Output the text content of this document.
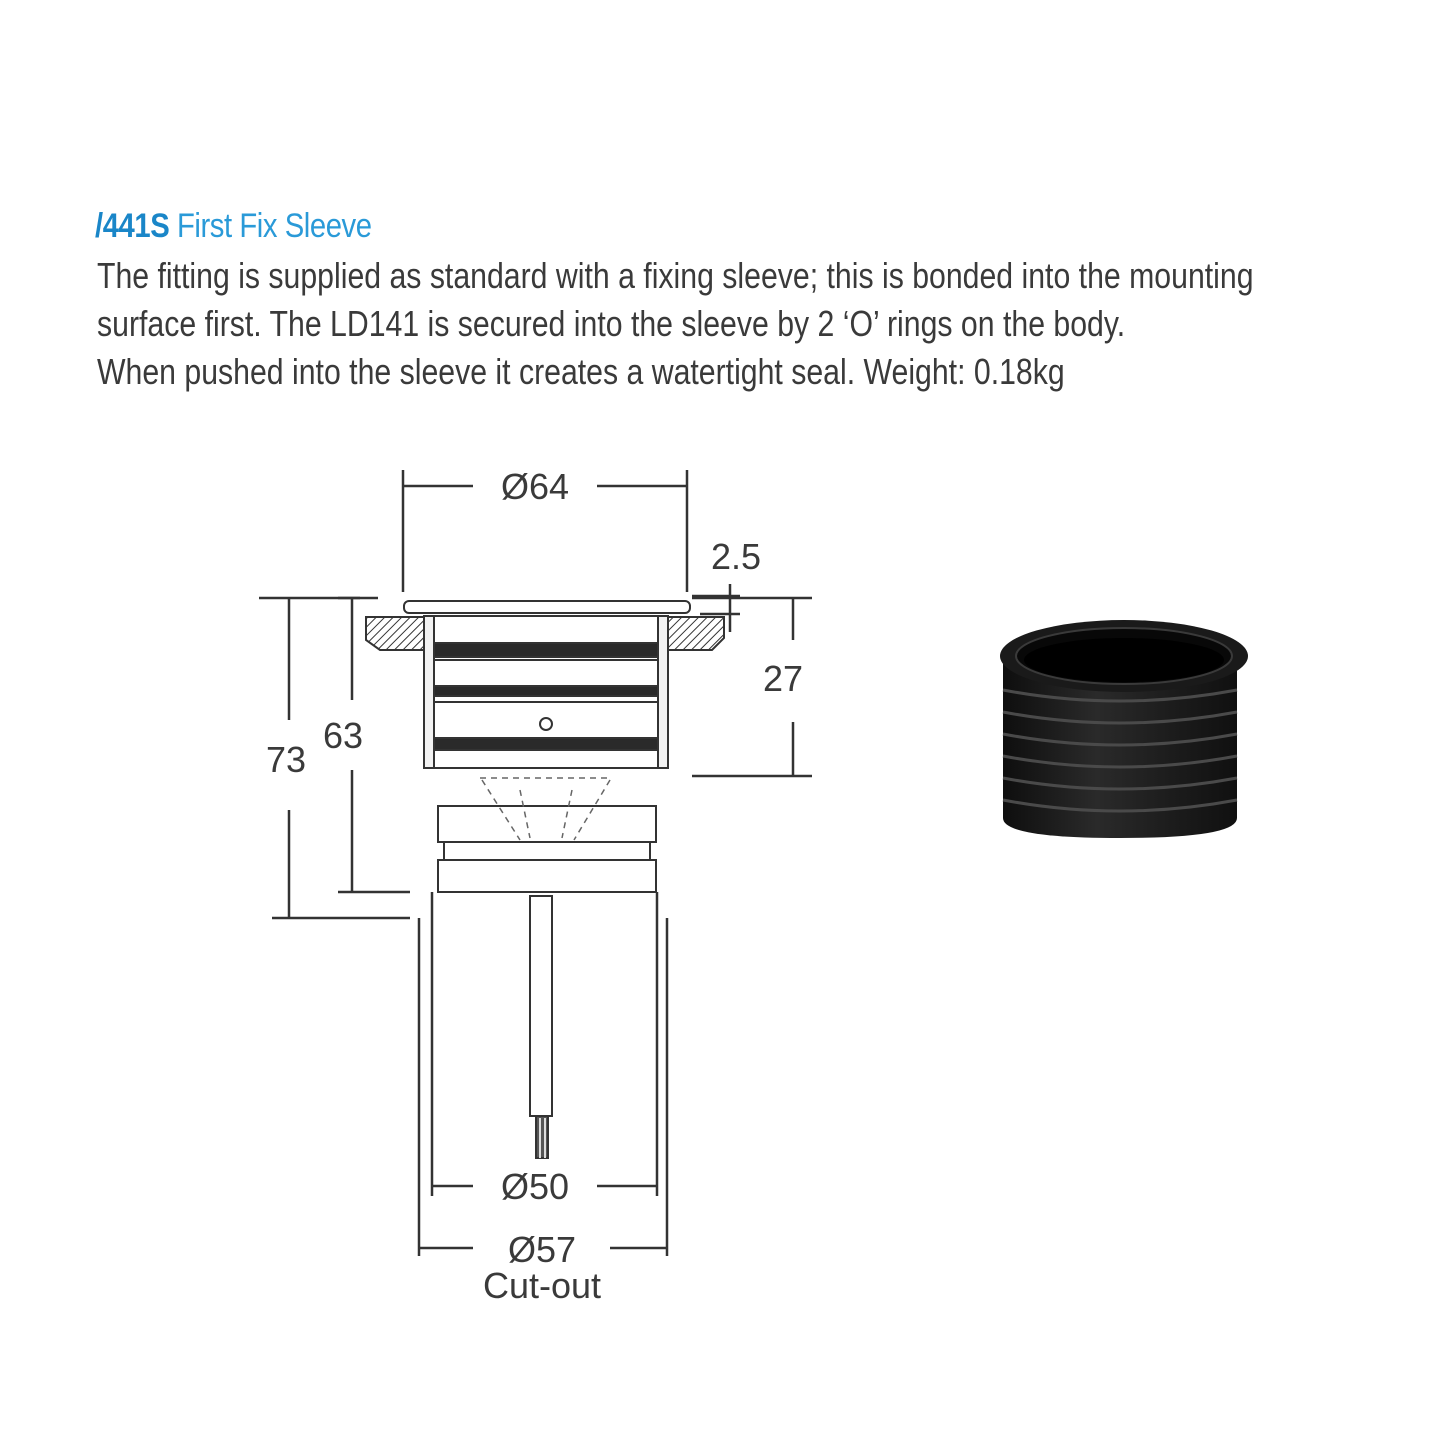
/441S First Fix Sleeve
The fitting is supplied as standard with a fixing sleeve; this is bonded into the mounting
surface first. The LD141 is secured into the sleeve by 2 ‘O’ rings on the body.
When pushed into the sleeve it creates a watertight seal. Weight: 0.18kg
Ø64
2.5
27
73
63
Ø50
Ø57
Cut-out
